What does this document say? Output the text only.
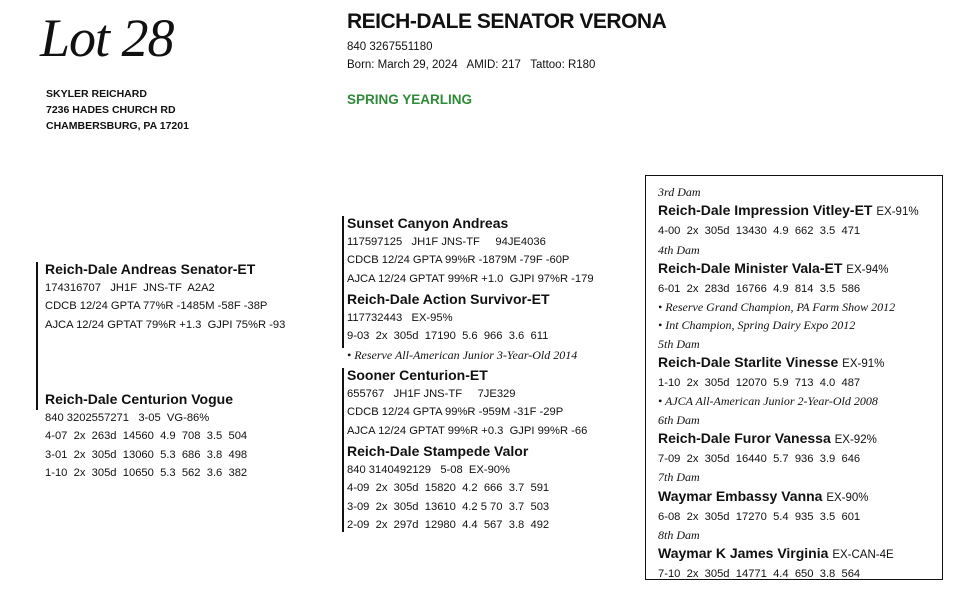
Lot 28
SKYLER REICHARD
7236 HADES CHURCH RD
CHAMBERSBURG, PA 17201
REICH-DALE SENATOR VERONA
840 3267551180
Born: March 29, 2024   AMID: 217   Tattoo: R180
SPRING YEARLING
Reich-Dale Andreas Senator-ET
174316707   JH1F  JNS-TF  A2A2
CDCB 12/24 GPTA 77%R -1485M -58F -38P
AJCA 12/24 GPTAT 79%R +1.3  GJPI 75%R -93
Reich-Dale Centurion Vogue
840 3202557271   3-05  VG-86%
4-07  2x  263d  14560  4.9  708  3.5  504
3-01  2x  305d  13060  5.3  686  3.8  498
1-10  2x  305d  10650  5.3  562  3.6  382
Sunset Canyon Andreas
117597125   JH1F JNS-TF     94JE4036
CDCB 12/24 GPTA 99%R -1879M -79F -60P
AJCA 12/24 GPTAT 99%R +1.0  GJPI 97%R -179
Reich-Dale Action Survivor-ET
117732443   EX-95%
9-03  2x  305d  17190  5.6  966  3.6  611
• Reserve All-American Junior 3-Year-Old 2014
Sooner Centurion-ET
655767   JH1F JNS-TF     7JE329
CDCB 12/24 GPTA 99%R -959M -31F -29P
AJCA 12/24 GPTAT 99%R +0.3  GJPI 99%R -66
Reich-Dale Stampede Valor
840 3140492129   5-08  EX-90%
4-09  2x  305d  15820  4.2  666  3.7  591
3-09  2x  305d  13610  4.2 5 70  3.7  503
2-09  2x  297d  12980  4.4  567  3.8  492
3rd Dam
Reich-Dale Impression Vitley-ET EX-91%
4-00  2x  305d  13430  4.9  662  3.5  471
4th Dam
Reich-Dale Minister Vala-ET EX-94%
6-01  2x  283d  16766  4.9  814  3.5  586
• Reserve Grand Champion, PA Farm Show 2012
• Int Champion, Spring Dairy Expo 2012
5th Dam
Reich-Dale Starlite Vinesse EX-91%
1-10  2x  305d  12070  5.9  713  4.0  487
• AJCA All-American Junior 2-Year-Old 2008
6th Dam
Reich-Dale Furor Vanessa EX-92%
7-09  2x  305d  16440  5.7  936  3.9  646
7th Dam
Waymar Embassy Vanna EX-90%
6-08  2x  305d  17270  5.4  935  3.5  601
8th Dam
Waymar K James Virginia EX-CAN-4E
7-10  2x  305d  14771  4.4  650  3.8  564
